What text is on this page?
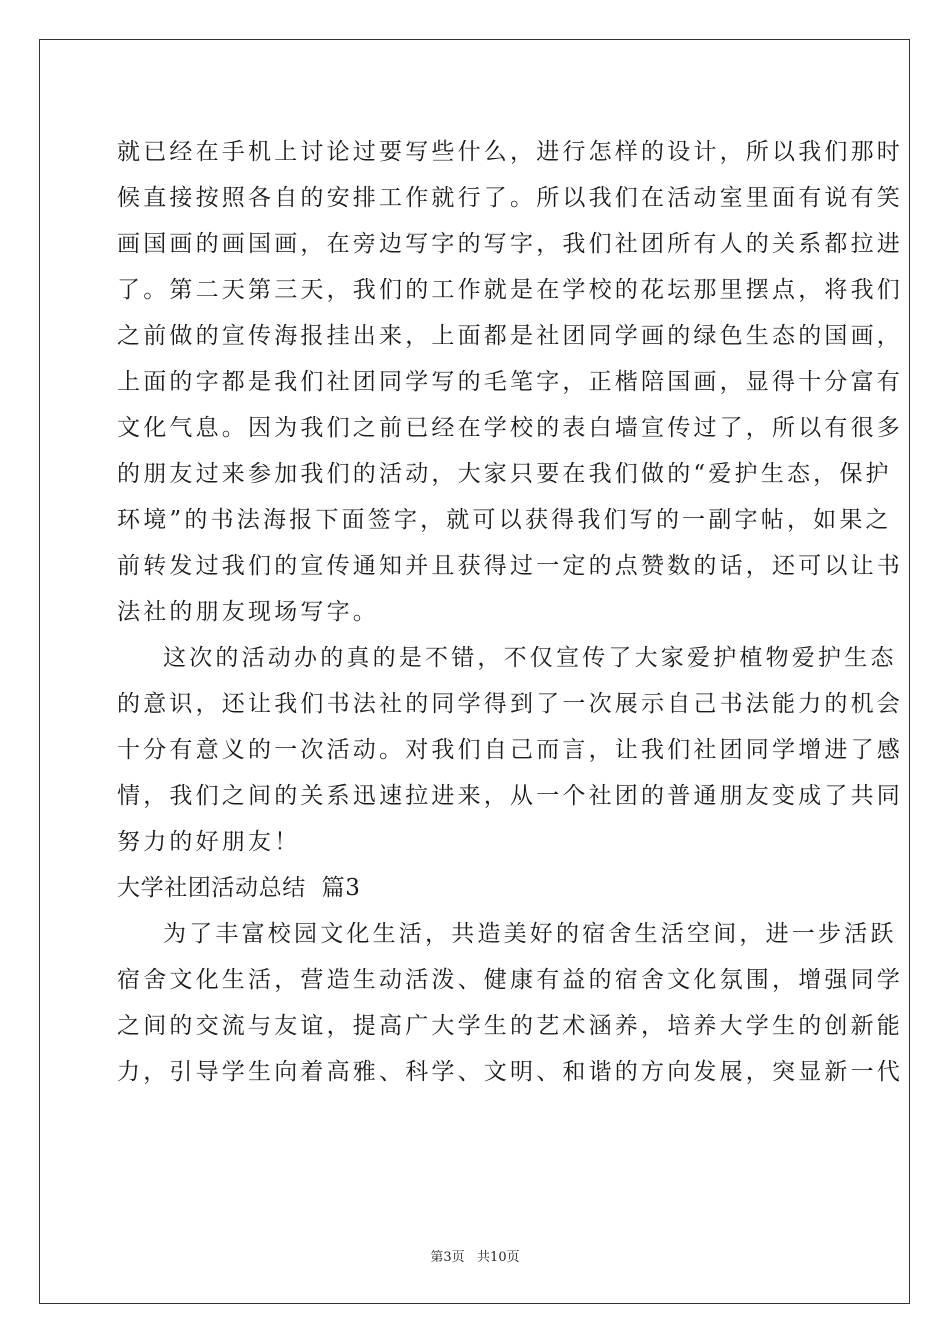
就已经在手机上讨论过要写些什么，进行怎样的设计，所以我们那时
候直接按照各自的安排工作就行了。所以我们在活动室里面有说有笑
画国画的画国画，在旁边写字的写字，我们社团所有人的关系都拉进
了。第二天第三天，我们的工作就是在学校的花坛那里摆点，将我们
之前做的宣传海报挂出来，上面都是社团同学画的绿色生态的国画，
上面的字都是我们社团同学写的毛笔字，正楷陪国画，显得十分富有
文化气息。因为我们之前已经在学校的表白墙宣传过了，所以有很多
的朋友过来参加我们的活动，大家只要在我们做的“爱护生态，保护
环境”的书法海报下面签字，就可以获得我们写的一副字帖，如果之
前转发过我们的宣传通知并且获得过一定的点赞数的话，还可以让书
法社的朋友现场写字。
这次的活动办的真的是不错，不仅宣传了大家爱护植物爱护生态
的意识，还让我们书法社的同学得到了一次展示自己书法能力的机会
十分有意义的一次活动。对我们自己而言，让我们社团同学增进了感
情，我们之间的关系迅速拉进来，从一个社团的普通朋友变成了共同
努力的好朋友！
大学社团活动总结  篇3
为了丰富校园文化生活，共造美好的宿舍生活空间，进一步活跃
宿舍文化生活，营造生动活泼、健康有益的宿舍文化氛围，增强同学
之间的交流与友谊，提高广大学生的艺术涵养，培养大学生的创新能
力，引导学生向着高雅、科学、文明、和谐的方向发展，突显新一代
第3页   共10页
